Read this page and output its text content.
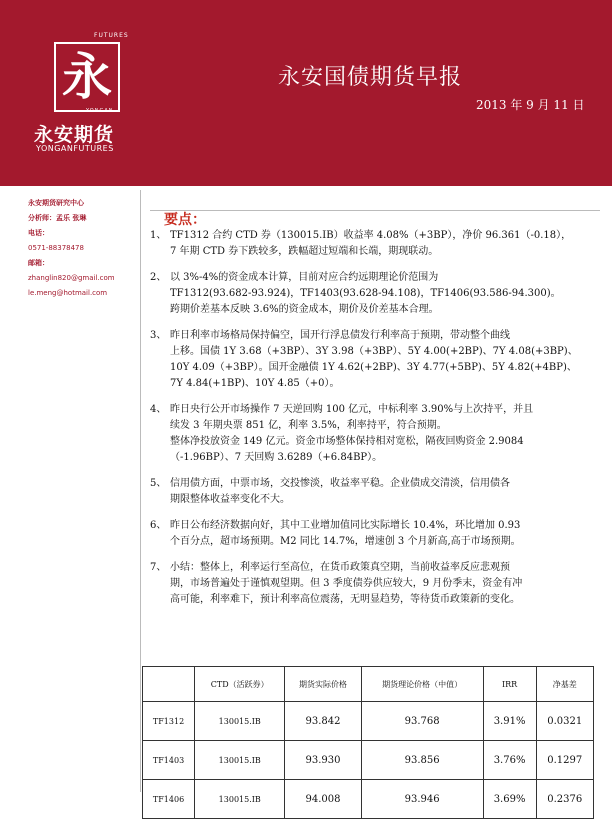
FUTURES
永
YONGAN
永安期货
YONGANFUTURES
永安国债期货早报
2013 年 9 月 11 日
永安期货研究中心
分析师：孟乐 张琳
电话：
0571-88378478
邮箱：
zhanglin820@gmail.com
le.meng@hotmail.com
要点：
1、 TF1312 合约 CTD 券（130015.IB）收益率 4.08%（+3BP），净价 96.361（-0.18），
7 年期 CTD 券下跌较多，跌幅超过短端和长端，期现联动。
2、 以 3%-4%的资金成本计算，目前对应合约远期理论价范围为
TF1312(93.682-93.924)，TF1403(93.628-94.108)，TF1406(93.586-94.300)。
跨期价差基本反映 3.6%的资金成本，期价及价差基本合理。
3、 昨日利率市场格局保持偏空，国开行浮息债发行利率高于预期，带动整个曲线
上移。国债 1Y 3.68（+3BP）、3Y 3.98（+3BP）、5Y 4.00(+2BP)、7Y 4.08(+3BP)、
10Y 4.09（+3BP）。国开金融债 1Y 4.62(+2BP)、3Y 4.77(+5BP)、5Y 4.82(+4BP)、
7Y 4.84(+1BP)、10Y 4.85（+0）。
4、 昨日央行公开市场操作 7 天逆回购 100 亿元，中标利率 3.90%与上次持平，并且
续发 3 年期央票 851 亿，利率 3.5%，利率持平，符合预期。
整体净投放资金 149 亿元。资金市场整体保持相对宽松，隔夜回购资金 2.9084
（-1.96BP）、7 天回购 3.6289（+6.84BP）。
5、 信用债方面，中票市场，交投惨淡，收益率平稳。企业债成交清淡，信用债各
期限整体收益率变化不大。
6、 昨日公布经济数据向好，其中工业增加值同比实际增长 10.4%，环比增加 0.93
个百分点，超市场预期。M2 同比 14.7%，增速创 3 个月新高,高于市场预期。
7、 小结：整体上，利率运行至高位，在货币政策真空期，当前收益率反应悲观预
期，市场普遍处于谨慎观望期。但 3 季度债券供应较大，9 月份季末，资金有冲
高可能，利率难下，预计利率高位震荡，无明显趋势，等待货币政策新的变化。
	CTD（活跃券）	期货实际价格	期货理论价格（中值）	IRR	净基差
TF1312	130015.IB	93.842	93.768	3.91%	0.0321
TF1403	130015.IB	93.930	93.856	3.76%	0.1297
TF1406	130015.IB	94.008	93.946	3.69%	0.2376
